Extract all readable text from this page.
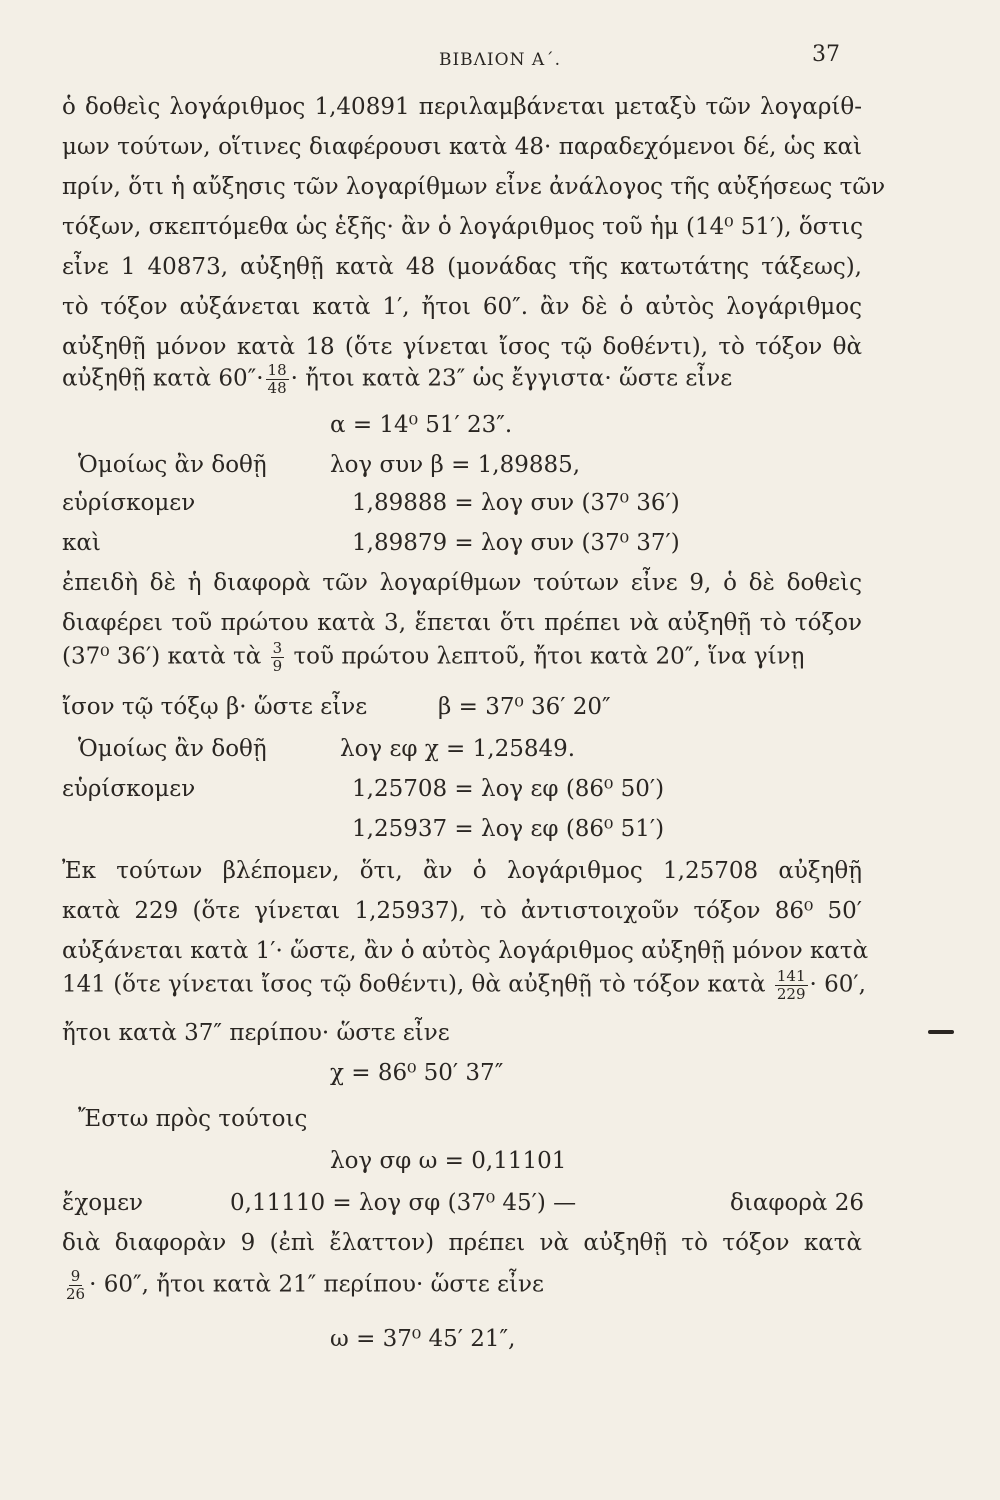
ΒΙΒΛΙΟΝ Α΄.	37
ὁ δοθεὶς λογάριθμος 1,40891 περιλαμβάνεται μεταξὺ τῶν λογαρίθ-
μων τούτων, οἵτινες διαφέρουσι κατὰ 48· παραδεχόμενοι δέ, ὡς καὶ
πρίν, ὅτι ἡ αὔξησις τῶν λογαρίθμων εἶνε ἀνάλογος τῆς αὐξήσεως τῶν
τόξων, σκεπτόμεθα ὡς ἑξῆς· ἂν ὁ λογάριθμος τοῦ ἡμ (14⁰ 51′), ὅστις
εἶνε 1 40873, αὐξηθῇ κατὰ 48 (μονάδας τῆς κατωτάτης τάξεως),
τὸ τόξον αὐξάνεται κατὰ 1′, ἤτοι 60″. ἂν δὲ ὁ αὐτὸς λογάριθμος
αὐξηθῇ μόνον κατὰ 18 (ὅτε γίνεται ἴσος τῷ δοθέντι), τὸ τόξον θὰ
αὐξηθῇ κατὰ $60''\cdot \frac{18}{48}$ · ἤτοι κατὰ 23″ ὡς ἔγγιστα· ὥστε εἶνε
α = 14⁰ 51′ 23″.
Ὁμοίως ἂν δοθῇ	λογ συν β = 1,89885,
εὑρίσκομεν	1,89888 = λογ συν (37⁰ 36′)
καὶ	1,89879 = λογ συν (37⁰ 37′)
ἐπειδὴ δὲ ἡ διαφορὰ τῶν λογαρίθμων τούτων εἶνε 9, ὁ δὲ δοθεὶς
διαφέρει τοῦ πρώτου κατὰ 3, ἕπεται ὅτι πρέπει νὰ αὐξηθῇ τὸ τόξον
(37⁰ 36′) κατὰ τὰ $\frac{3}{9}$ τοῦ πρώτου λεπτοῦ, ἤτοι κατὰ 20″, ἵνα γίνῃ
ἴσον τῷ τόξῳ β· ὥστε εἶνε	β = 37⁰ 36′ 20″
Ὁμοίως ἂν δοθῇ	λογ εφ χ = 1,25849.
εὑρίσκομεν	1,25708 = λογ εφ (86⁰ 50′)
1,25937 = λογ εφ (86⁰ 51′)
Ἐκ τούτων βλέπομεν, ὅτι, ἂν ὁ λογάριθμος 1,25708 αὐξηθῇ
κατὰ 229 (ὅτε γίνεται 1,25937), τὸ ἀντιστοιχοῦν τόξον 86⁰ 50′
αὐξάνεται κατὰ 1′· ὥστε, ἂν ὁ αὐτὸς λογάριθμος αὐξηθῇ μόνον κατὰ
141 (ὅτε γίνεται ἴσος τῷ δοθέντι), θὰ αὐξηθῇ τὸ τόξον κατὰ $\frac{141}{229} \cdot 60'$,
ἤτοι κατὰ 37″ περίπου· ὥστε εἶνε
χ = 86⁰ 50′ 37″
Ἔστω πρὸς τούτοις
λογ σφ ω = 0,11101
ἔχομεν	0,11110 = λογ σφ (37⁰ 45′) —	διαφορὰ 26
διὰ διαφορὰν 9 (ἐπὶ ἔλαττον) πρέπει νὰ αὐξηθῇ τὸ τόξον κατὰ
$\frac{9}{26} \cdot 60''$, ἤτοι κατὰ 21″ περίπου· ὥστε εἶνε
ω = 37⁰ 45′ 21″,
